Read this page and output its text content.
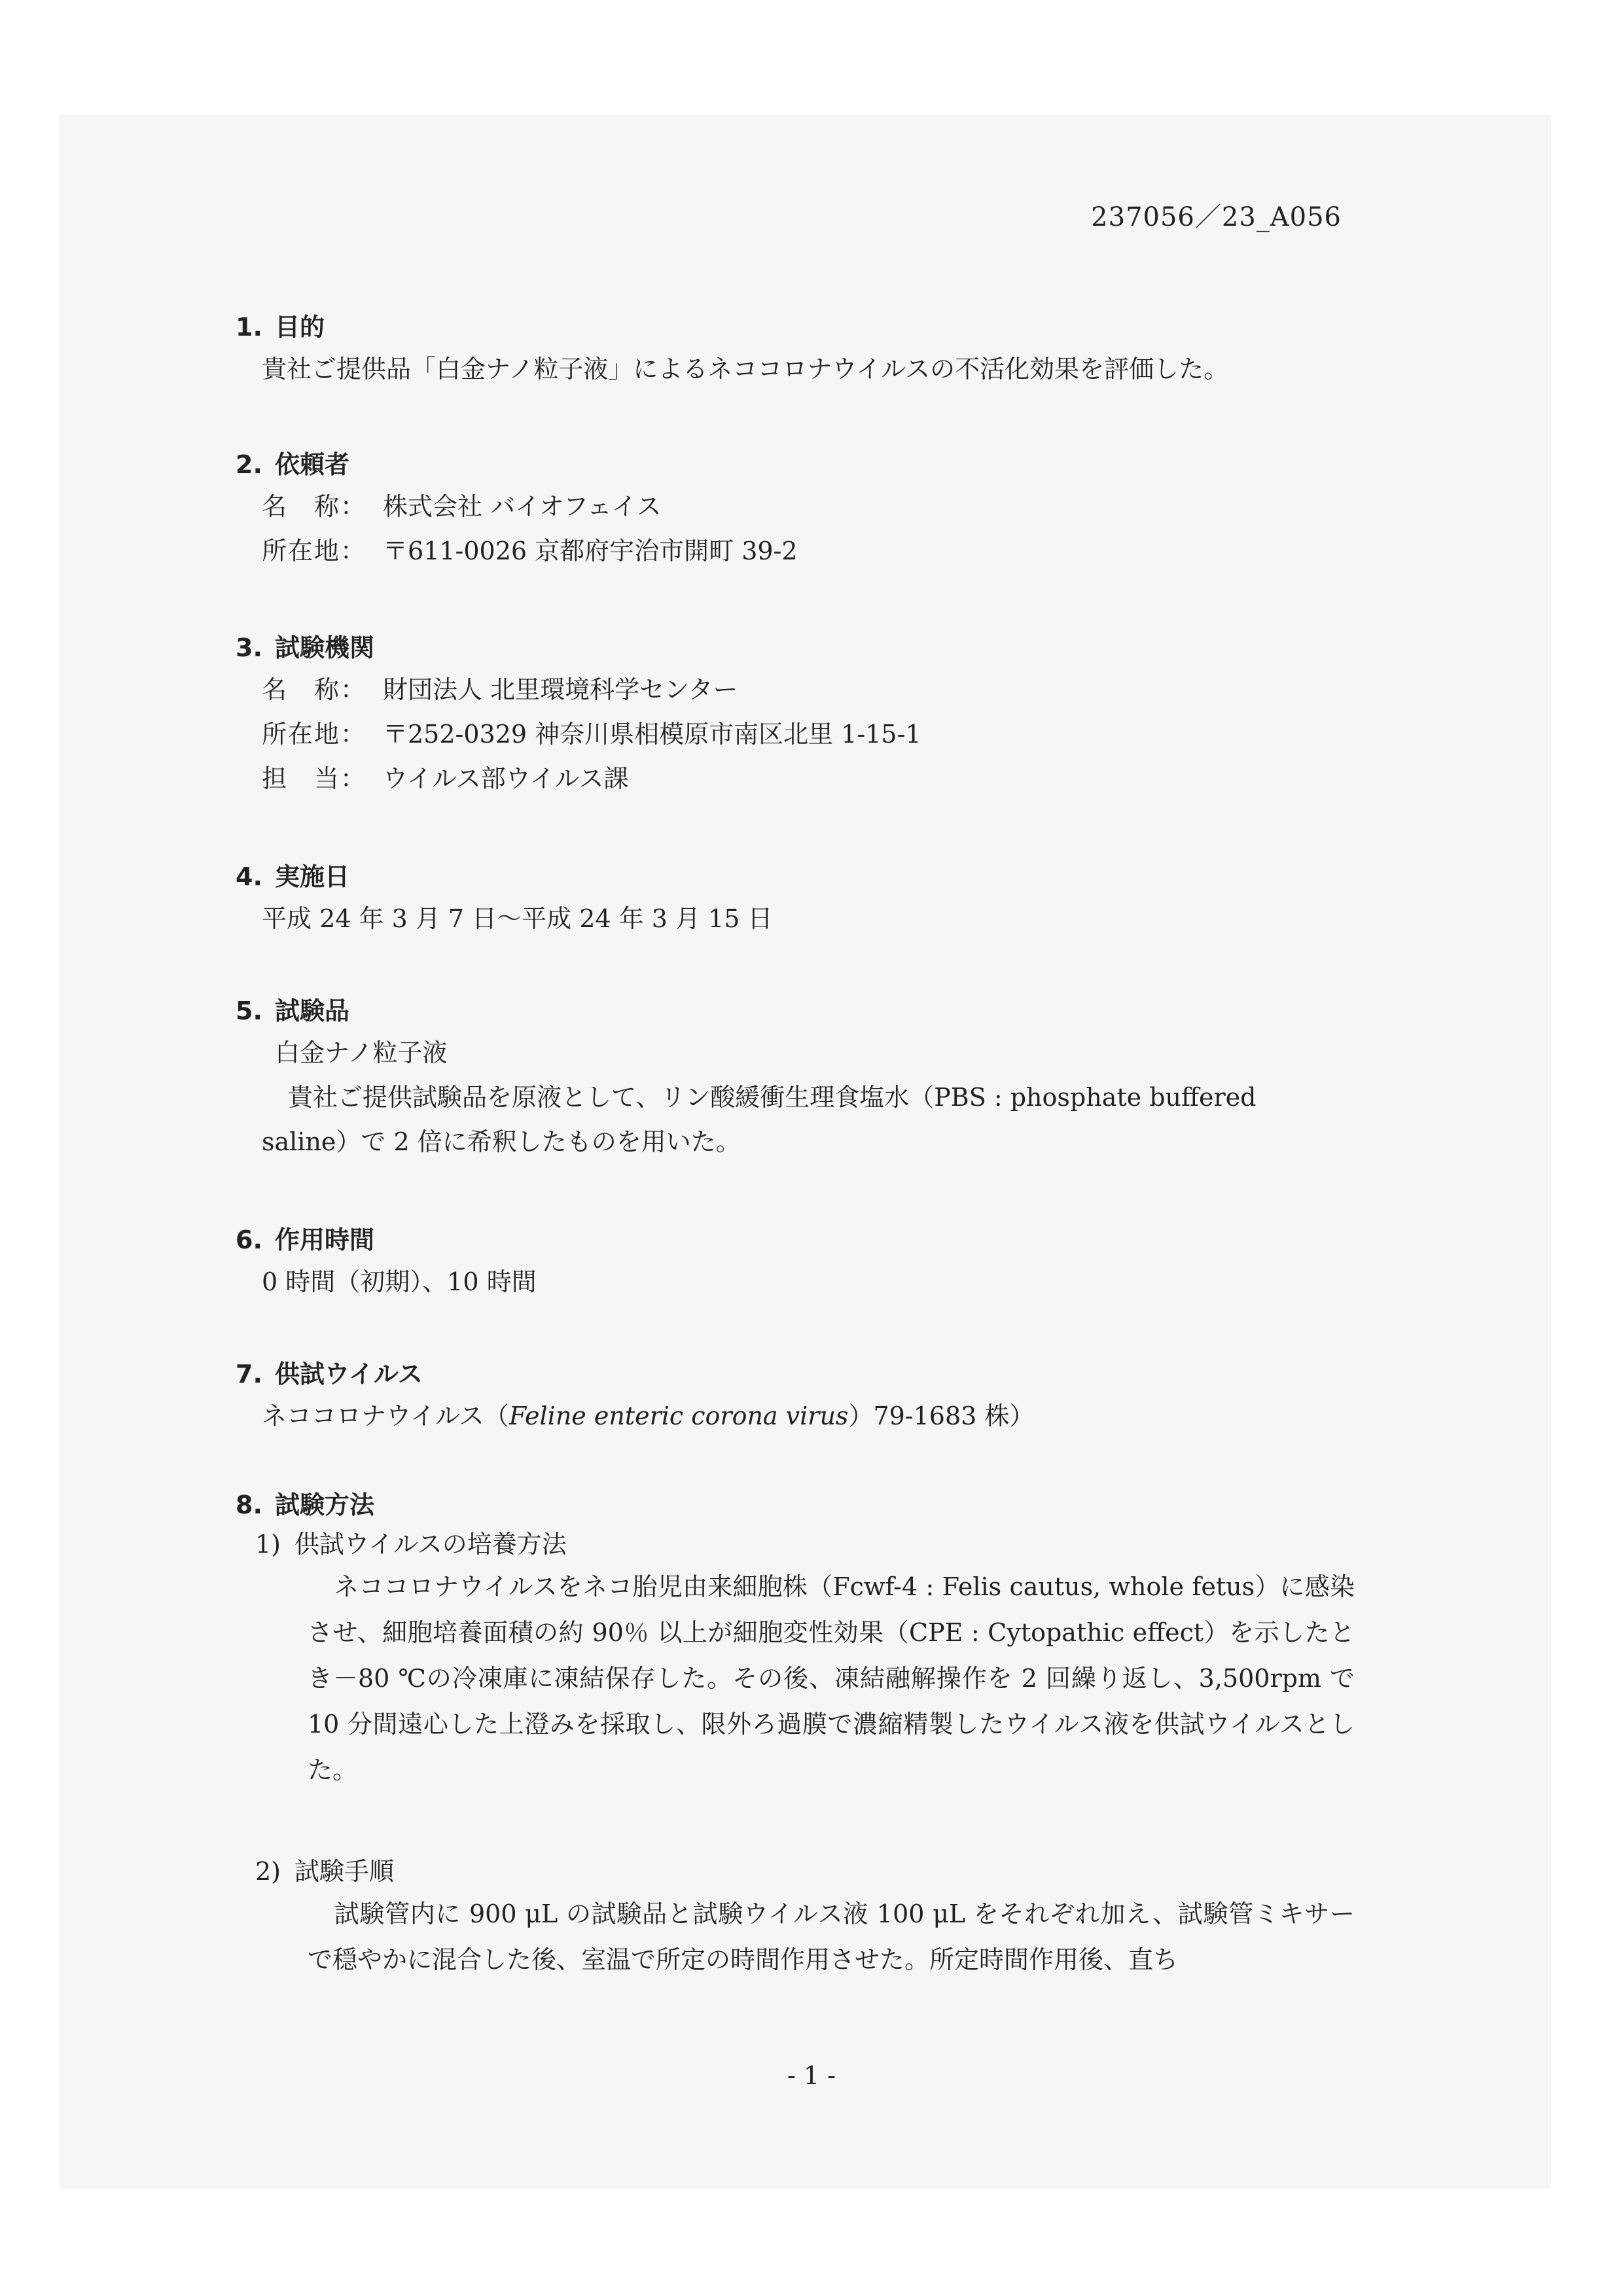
237056／23_A056
1. 目的
貴社ご提供品「白金ナノ粒子液」によるネココロナウイルスの不活化効果を評価した。
2. 依頼者
名　称： 株式会社 バイオフェイス
所在地： 〒611-0026 京都府宇治市開町 39-2
3. 試験機関
名　称： 財団法人 北里環境科学センター
所在地： 〒252-0329 神奈川県相模原市南区北里 1-15-1
担　当： ウイルス部ウイルス課
4. 実施日
平成 24 年 3 月 7 日〜平成 24 年 3 月 15 日
5. 試験品
白金ナノ粒子液
貴社ご提供試験品を原液として、リン酸緩衝生理食塩水（PBS : phosphate buffered saline）で 2 倍に希釈したものを用いた。
6. 作用時間
0 時間（初期）、10 時間
7. 供試ウイルス
ネココロナウイルス（Feline enteric corona virus）79-1683 株）
8. 試験方法
1) 供試ウイルスの培養方法
ネココロナウイルスをネコ胎児由来細胞株（Fcwf-4 : Felis cautus, whole fetus）に感染させ、細胞培養面積の約 90％ 以上が細胞変性効果（CPE : Cytopathic effect）を示したとき－80 ℃の冷凍庫に凍結保存した。その後、凍結融解操作を 2 回繰り返し、3,500rpm で 10 分間遠心した上澄みを採取し、限外ろ過膜で濃縮精製したウイルス液を供試ウイルスとした。
2) 試験手順
試験管内に 900 μL の試験品と試験ウイルス液 100 μL をそれぞれ加え、試験管ミキサーで穏やかに混合した後、室温で所定の時間作用させた。所定時間作用後、直ち
- 1 -
